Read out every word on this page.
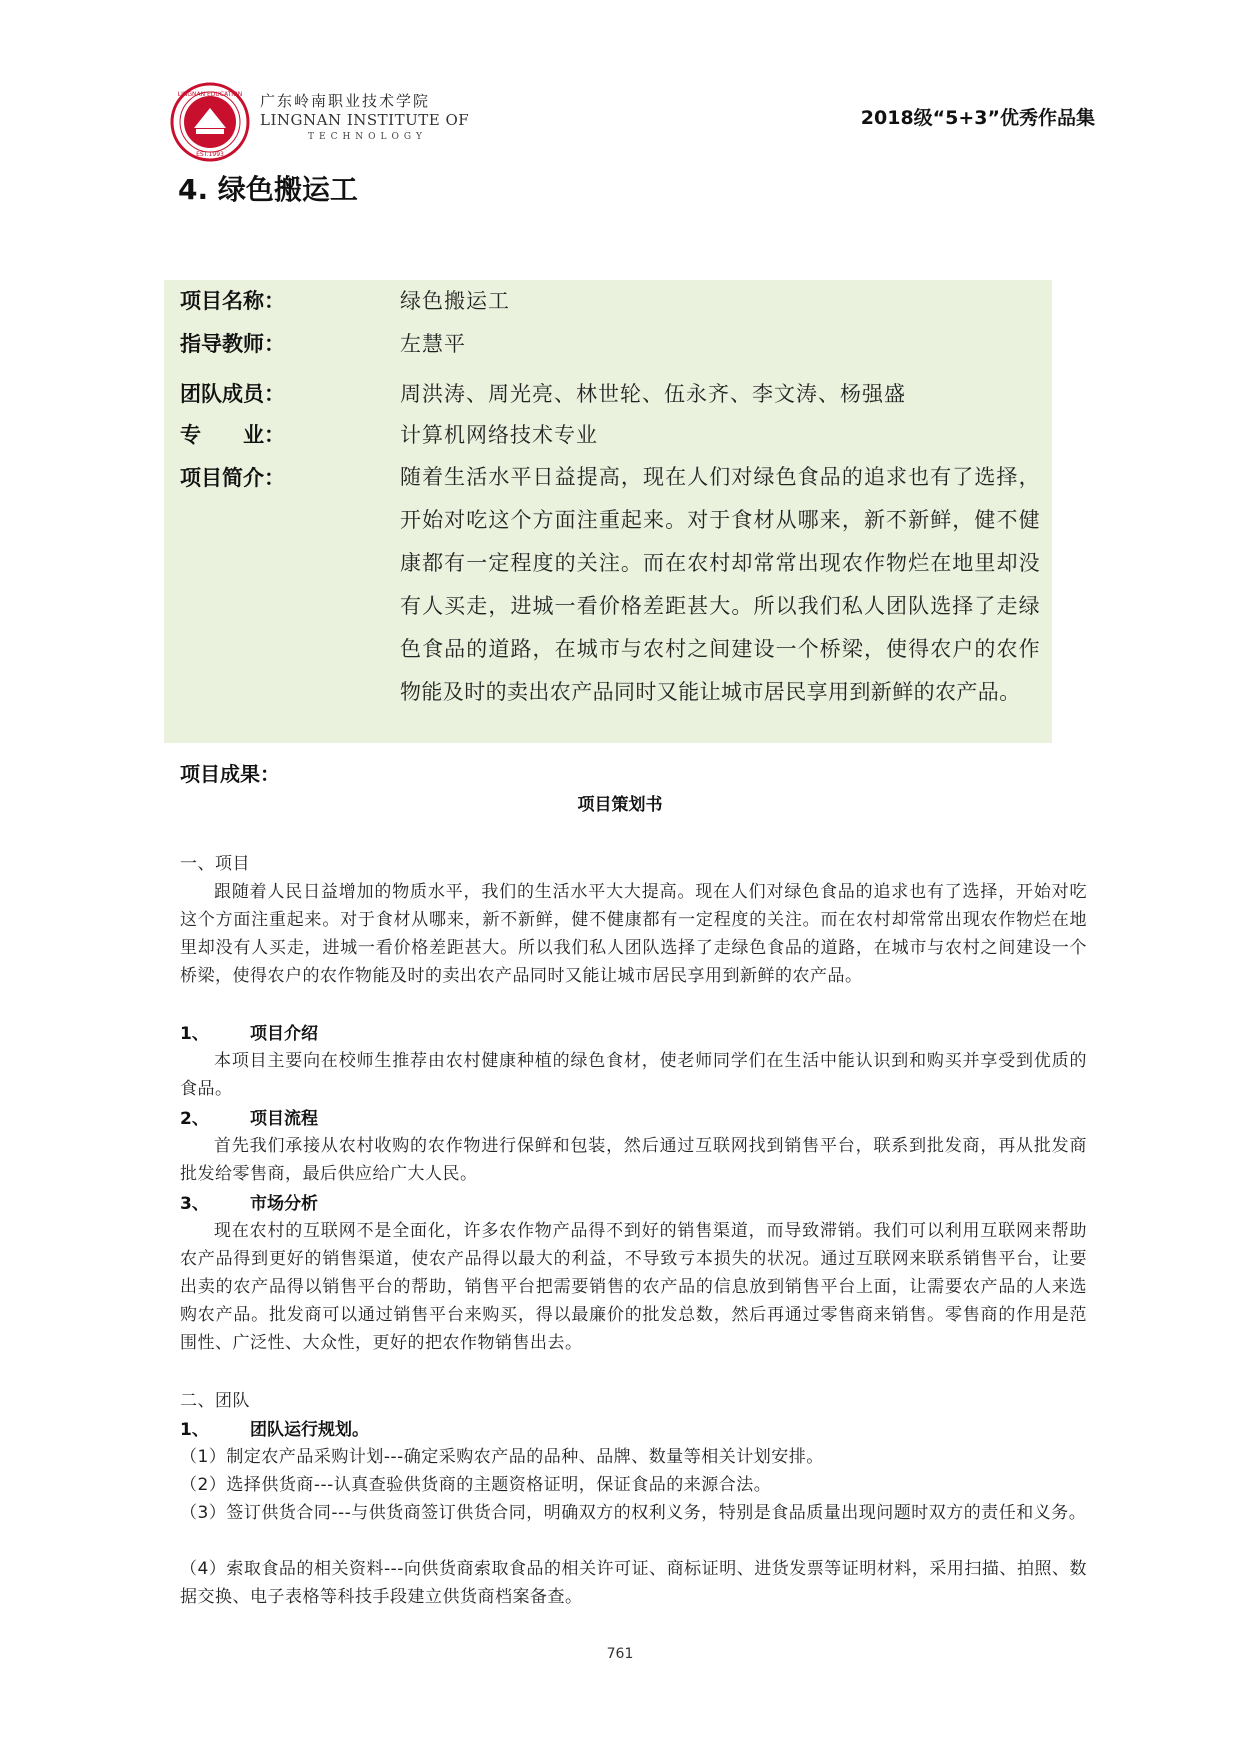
LINGNAN EDUCATION
EST.1993
广东岭南职业技术学院
LINGNAN INSTITUTE OF
TECHNOLOGY
2018级“5+3”优秀作品集
4. 绿色搬运工
项目名称：	绿色搬运工
指导教师：	左慧平
团队成员：	周洪涛、周光亮、林世轮、伍永齐、李文涛、杨强盛
专　　业：	计算机网络技术专业
项目简介：	随着生活水平日益提高，现在人们对绿色食品的追求也有了选择，开始对吃这个方面注重起来。对于食材从哪来，新不新鲜，健不健康都有一定程度的关注。而在农村却常常出现农作物烂在地里却没有人买走，进城一看价格差距甚大。所以我们私人团队选择了走绿色食品的道路，在城市与农村之间建设一个桥梁，使得农户的农作物能及时的卖出农产品同时又能让城市居民享用到新鲜的农产品。

项目成果：
项目策划书

一、项目

跟随着人民日益增加的物质水平，我们的生活水平大大提高。现在人们对绿色食品的追求也有了选择，开始对吃这个方面注重起来。对于食材从哪来，新不新鲜，健不健康都有一定程度的关注。而在农村却常常出现农作物烂在地里却没有人买走，进城一看价格差距甚大。所以我们私人团队选择了走绿色食品的道路，在城市与农村之间建设一个桥梁，使得农户的农作物能及时的卖出农产品同时又能让城市居民享用到新鲜的农产品。

1、 项目介绍

本项目主要向在校师生推荐由农村健康种植的绿色食材，使老师同学们在生活中能认识到和购买并享受到优质的食品。

2、 项目流程

首先我们承接从农村收购的农作物进行保鲜和包装，然后通过互联网找到销售平台，联系到批发商，再从批发商批发给零售商，最后供应给广大人民。

3、 市场分析

现在农村的互联网不是全面化，许多农作物产品得不到好的销售渠道，而导致滞销。我们可以利用互联网来帮助农产品得到更好的销售渠道，使农产品得以最大的利益，不导致亏本损失的状况。通过互联网来联系销售平台，让要出卖的农产品得以销售平台的帮助，销售平台把需要销售的农产品的信息放到销售平台上面，让需要农产品的人来选购农产品。批发商可以通过销售平台来购买，得以最廉价的批发总数，然后再通过零售商来销售。零售商的作用是范围性、广泛性、大众性，更好的把农作物销售出去。

二、团队

1、 团队运行规划。

（1）制定农产品采购计划---确定采购农产品的品种、品牌、数量等相关计划安排。

（2）选择供货商---认真查验供货商的主题资格证明，保证食品的来源合法。

（3）签订供货合同---与供货商签订供货合同，明确双方的权利义务，特别是食品质量出现问题时双方的责任和义务。

（4）索取食品的相关资料---向供货商索取食品的相关许可证、商标证明、进货发票等证明材料，采用扫描、拍照、数据交换、电子表格等科技手段建立供货商档案备查。

761
